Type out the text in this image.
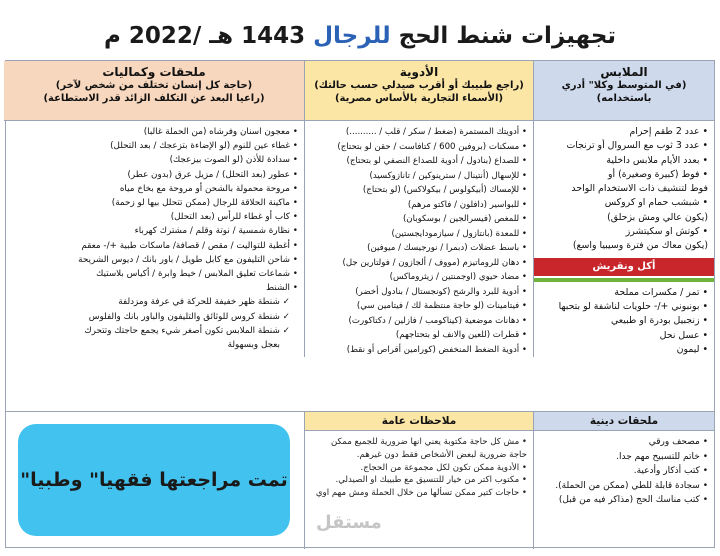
تجهيزات شنط الحج للرجال 1443 هـ /2022 م
الملابس
(في المتوسط وكلا" أدري باستخدامه)
• عدد 2 طقم إحرام
• عدد 3 ثوب مع السروال أو ترنجات
• بعدد الأيام ملابس داخلية
• فوط (كبيرة وصغيرة) أو
فوط لتنشيف ذات الاستخدام الواحد
• شبشب حمام او كروكس
(يكون عالي ومش بزحلق)
• كوتش او سكيتشرز
(يكون معاك من فترة وسيبيا واسع)
أكل ونقريش
• تمر / مكسرات مملحة
• بونبوني +/- حلويات لناشفة لو بتحبها
• زنجبيل بودرة او طبيعي
• عسل نحل
• ليمون
الأدوية
(راجع طبيبك أو أقرب صيدلي حسب حالتك)
(الأسماء التجارية بالأساس مصرية)
• أدويتك المستمرة (ضغط / سكر / قلب / ..........)
• مسكنات (بروفين 600 / كتافاست / حقن لو بتحتاج)
• للصداع (بنادول / أدوية للصداع النصفي لو بتحتاج)
• للإسهال (أنتينال / سترينوكين / تانازوكسيد)
• للإمساك (أبيكولوس / بيكولاكس) (لو بتحتاج)
• للبواسير (دافلون / فاكتو مرهم)
• للمغص (فيسرالجين / بوسكوبان)
• للمعدة (بانتازول / سيازمودايجستين)
• باسط عضلات (دبمرا / نورجيسك / ميوفين)
• دهان للروماتيزم (مووف / ألجازون / فولتارين جل)
• مضاد حيوي (اوجمنتين / زيثروماكس)
• أدوية للبرد والرشح (كونجستال / بنادول أخضر)
• فيتامينات (لو حاجة منتظمة لك / فيتامين سي)
• دهانات موضعية (كيناكومب / فازلين / دكتاكورت)
• قطرات (للعين والانف لو بتحتاجهم)
• أدوية الضغط المنخفض (كورامين أقراص أو نقط)
ملحقات وكماليات
(حاجة كل إنسان تختلف من شخص لآخر)
(راعيا البعد عن التكلف الزائد قدر الاستطاعة)
• معجون اسنان وفرشاه (من الحملة غالبا)
• غطاء عين للنوم (لو الإضاءة بتزعجك / بعد التحلل)
• سدادة للأذن (لو الصوت بيزعجك)
• عطور (بعد التحلل) / مزيل عرق (بدون عطر)
• مروحة محمولة بالشحن أو مروحة مع بخاخ مياه
• ماكينة الحلاقة للرجال (ممكن تتحلل بيها لو زحمة)
• كاب أو غطاء للرأس (بعد التحلل)
• نظارة شمسية / نوتة وقلم / مشترك كهرباء
• أغطية للتواليت / مقص / قصافة/ ماسكات طبية +/- معقم
• شاحن التليفون مع كابل طويل / باور بانك / ديوس الشريحة
• شماعات تعليق الملابس / خيط وابرة / أكياس بلاستيك
• الشنط
✓ شنطة ظهر خفيفة للحركة في عرفة ومزدلفة
✓ شنطة كروس للوثائق والتليفون والباور بانك والفلوس
✓ شنطة الملابس تكون أصغر شيء يجمع حاجتك وتتحرك
بعجل وبسهولة
ملحقات دينية
• مصحف ورقي
• خاتم للتسبيح مهم جدا.
• كتب أذكار وأدعية.
• سجادة قابلة للطي (ممكن من الحملة).
• كتب مناسك الحج (مذاكر فيه من قبل)
ملاحظات عامة
• مش كل حاجة مكتوبة يعني انها ضرورية للجميع ممكن
حاجة ضرورية لبعض الأشخاص فقط دون غيرهم.
• الأدوية ممكن تكون لكل مجموعة من الحجاج.
• مكتوب اكتر من خيار للتنسيق مع طبيبك او الصيدلي.
• حاجات كتير ممكن تسألها من خلال الحملة ومش مهم اوي
تمت مراجعتها فقهيا" وطبيا"
مستقل
